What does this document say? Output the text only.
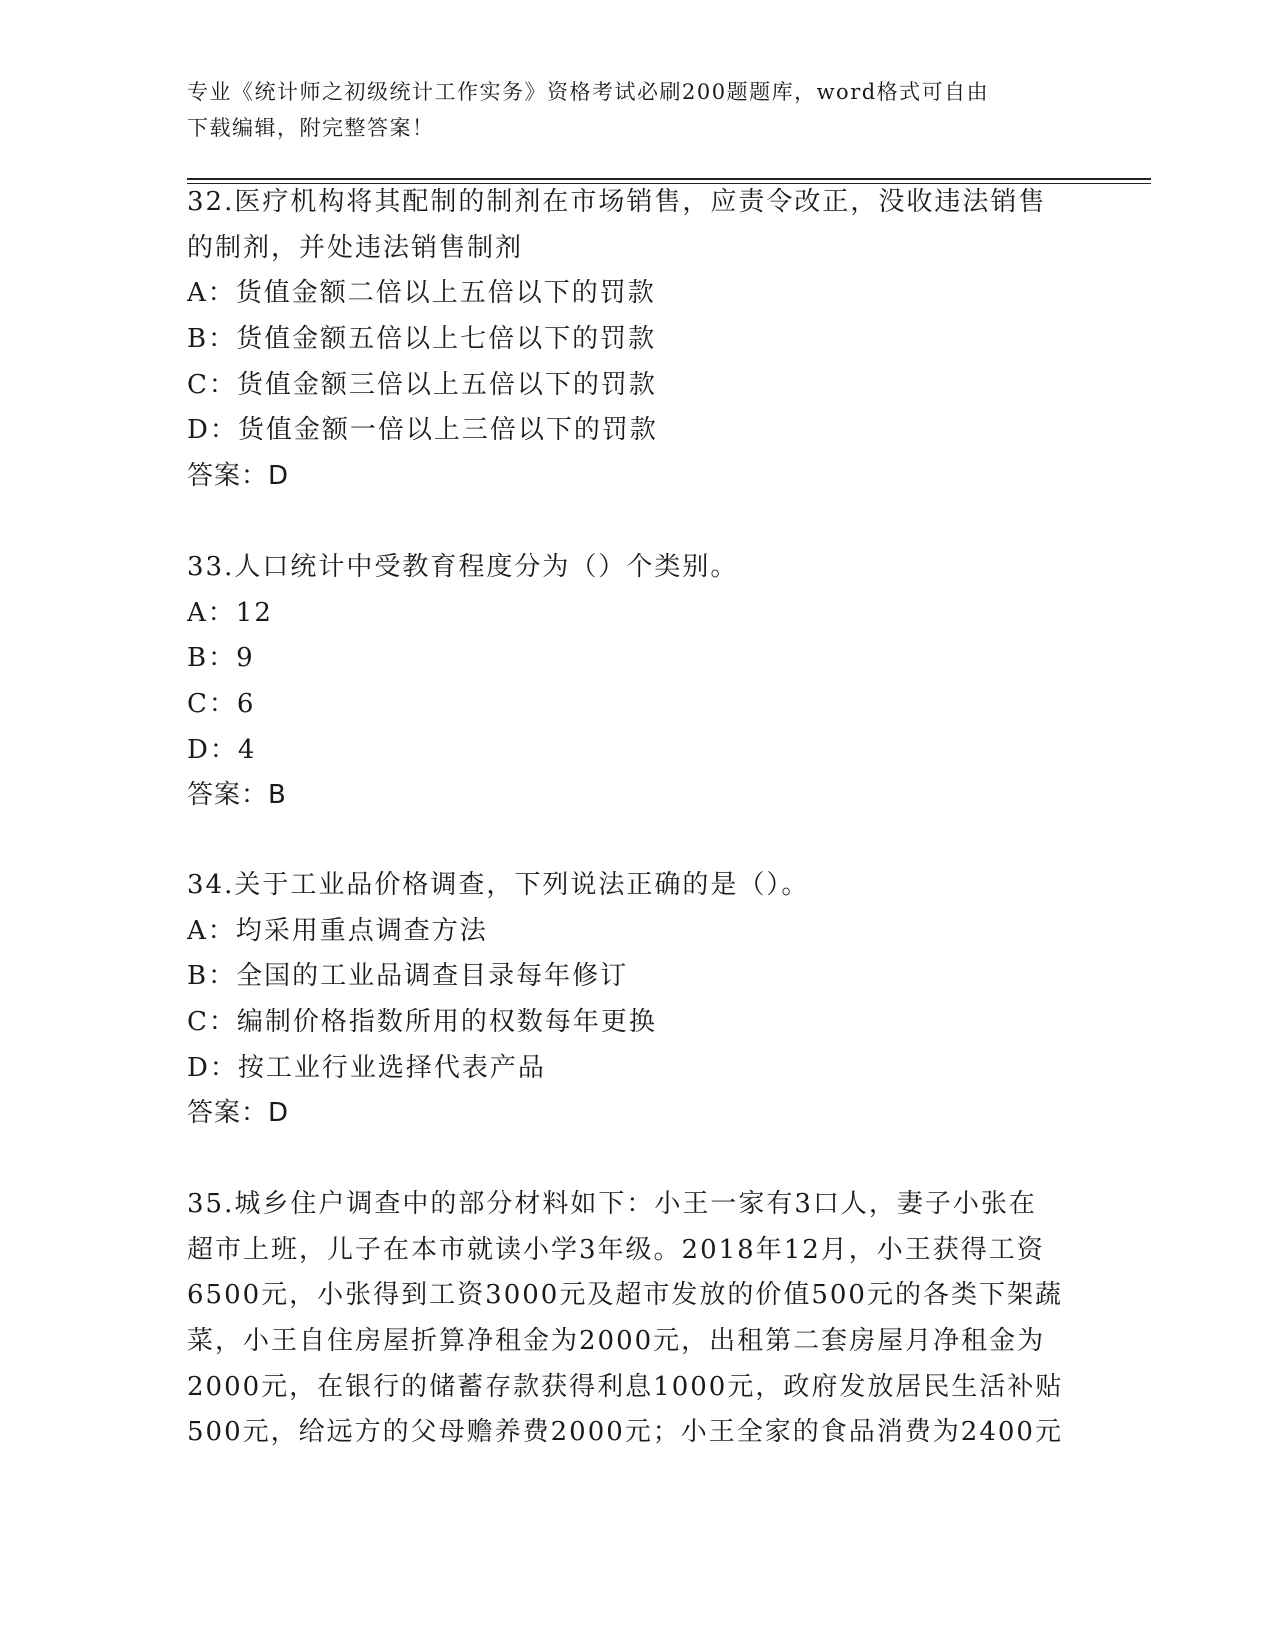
专业《统计师之初级统计工作实务》资格考试必刷200题题库，word格式可自由
下载编辑，附完整答案！
32.医疗机构将其配制的制剂在市场销售，应责令改正，没收违法销售
的制剂，并处违法销售制剂
A：货值金额二倍以上五倍以下的罚款
B：货值金额五倍以上七倍以下的罚款
C：货值金额三倍以上五倍以下的罚款
D：货值金额一倍以上三倍以下的罚款
答案：D
33.人口统计中受教育程度分为（）个类别。
A：12
B：9
C：6
D：4
答案：B
34.关于工业品价格调查，下列说法正确的是（）。
A：均采用重点调查方法
B：全国的工业品调查目录每年修订
C：编制价格指数所用的权数每年更换
D：按工业行业选择代表产品
答案：D
35.城乡住户调查中的部分材料如下：小王一家有3口人，妻子小张在
超市上班，儿子在本市就读小学3年级。2018年12月，小王获得工资
6500元，小张得到工资3000元及超市发放的价值500元的各类下架蔬
菜，小王自住房屋折算净租金为2000元，出租第二套房屋月净租金为
2000元，在银行的储蓄存款获得利息1000元，政府发放居民生活补贴
500元，给远方的父母赡养费2000元；小王全家的食品消费为2400元
